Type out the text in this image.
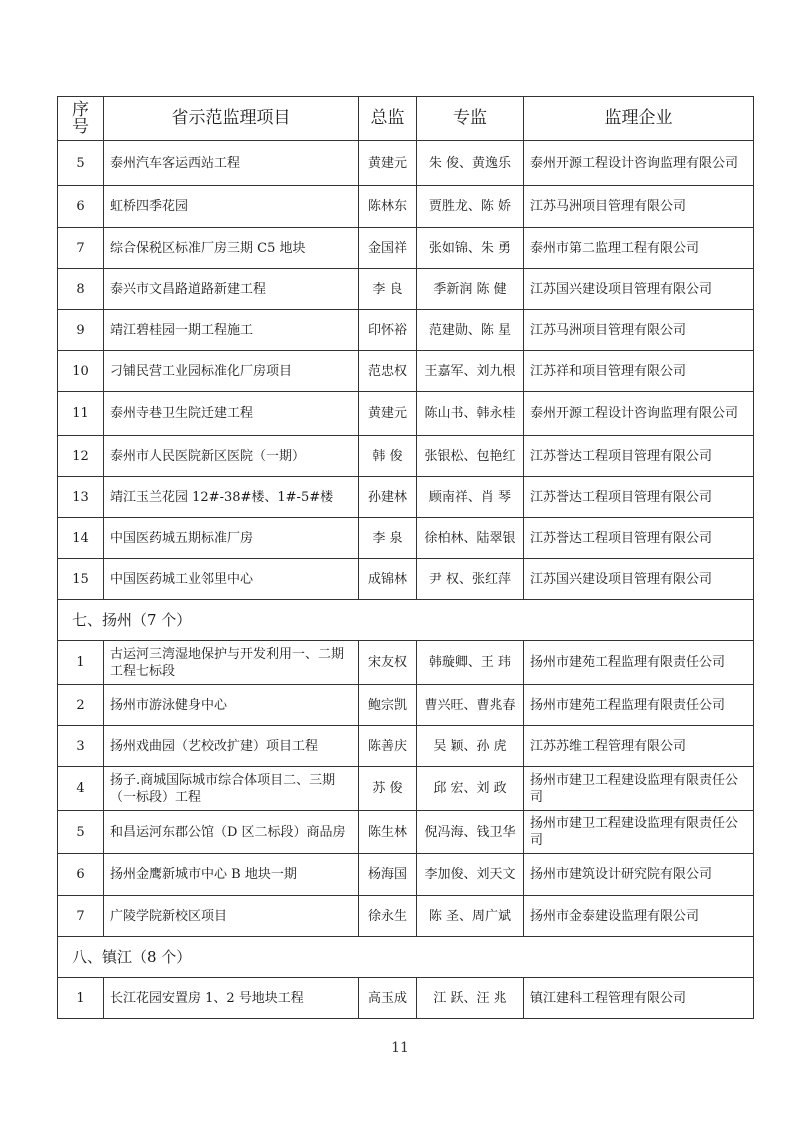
序号	省示范监理项目	总监	专监	监理企业
5	泰州汽车客运西站工程	黄建元	朱 俊、黄逸乐	泰州开源工程设计咨询监理有限公司
6	虹桥四季花园	陈林东	贾胜龙、陈 娇	江苏马洲项目管理有限公司
7	综合保税区标准厂房三期 C5 地块	金国祥	张如锦、朱 勇	泰州市第二监理工程有限公司
8	泰兴市文昌路道路新建工程	李 良	季新润 陈 健	江苏国兴建设项目管理有限公司
9	靖江碧桂园一期工程施工	印怀裕	范建勋、陈 星	江苏马洲项目管理有限公司
10	刁铺民营工业园标准化厂房项目	范忠权	王嘉军、刘九根	江苏祥和项目管理有限公司
11	泰州寺巷卫生院迁建工程	黄建元	陈山书、韩永桂	泰州开源工程设计咨询监理有限公司
12	泰州市人民医院新区医院（一期）	韩 俊	张银松、包艳红	江苏誉达工程项目管理有限公司
13	靖江玉兰花园 12#-38#楼、1#-5#楼	孙建林	顾南祥、肖 琴	江苏誉达工程项目管理有限公司
14	中国医药城五期标准厂房	李 泉	徐柏林、陆翠银	江苏誉达工程项目管理有限公司
15	中国医药城工业邻里中心	成锦林	尹 权、张红萍	江苏国兴建设项目管理有限公司
七、扬州（7 个）				
1	古运河三湾湿地保护与开发利用一、二期工程七标段	宋友权	韩璇卿、王 玮	扬州市建苑工程监理有限责任公司
2	扬州市游泳健身中心	鲍宗凯	曹兴旺、曹兆春	扬州市建苑工程监理有限责任公司
3	扬州戏曲园（艺校改扩建）项目工程	陈善庆	吴 颖、孙 虎	江苏苏维工程管理有限公司
4	扬子.商城国际城市综合体项目二、三期（一标段）工程	苏 俊	邱 宏、刘 政	扬州市建卫工程建设监理有限责任公司
5	和昌运河东郡公馆（D 区二标段）商品房	陈生林	倪冯海、钱卫华	扬州市建卫工程建设监理有限责任公司
6	扬州金鹰新城市中心 B 地块一期	杨海国	李加俊、刘天文	扬州市建筑设计研究院有限公司
7	广陵学院新校区项目	徐永生	陈 圣、周广斌	扬州市金泰建设监理有限公司
八、镇江（8 个）				
1	长江花园安置房 1、2 号地块工程	高玉成	江 跃、汪 兆	镇江建科工程管理有限公司
11
